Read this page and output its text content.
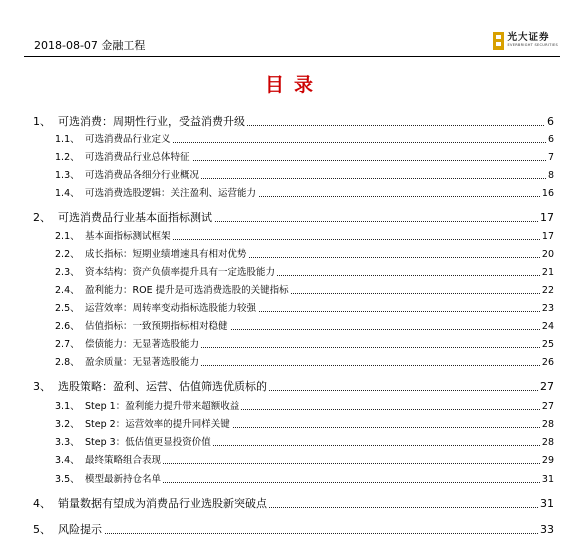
2018-08-07 金融工程
光大证券
EVERBRIGHT SECURITIES
目录
1、 可选消费：周期性行业，受益消费升级	6
1.1、 可选消费品行业定义	6
1.2、 可选消费品行业总体特征	7
1.3、 可选消费品各细分行业概况	8
1.4、 可选消费选股逻辑：关注盈利、运营能力	16
2、 可选消费品行业基本面指标测试	17
2.1、 基本面指标测试框架	17
2.2、 成长指标：短期业绩增速具有相对优势	20
2.3、 资本结构：资产负债率提升具有一定选股能力	21
2.4、 盈利能力：ROE 提升是可选消费选股的关键指标	22
2.5、 运营效率：周转率变动指标选股能力较强	23
2.6、 估值指标：一致预期指标相对稳健	24
2.7、 偿债能力：无显著选股能力	25
2.8、 盈余质量：无显著选股能力	26
3、 选股策略：盈利、运营、估值筛选优质标的	27
3.1、 Step 1：盈利能力提升带来超额收益	27
3.2、 Step 2：运营效率的提升同样关键	28
3.3、 Step 3：低估值更显投资价值	28
3.4、 最终策略组合表现	29
3.5、 模型最新持仓名单	31
4、 销量数据有望成为消费品行业选股新突破点	31
5、 风险提示	33
